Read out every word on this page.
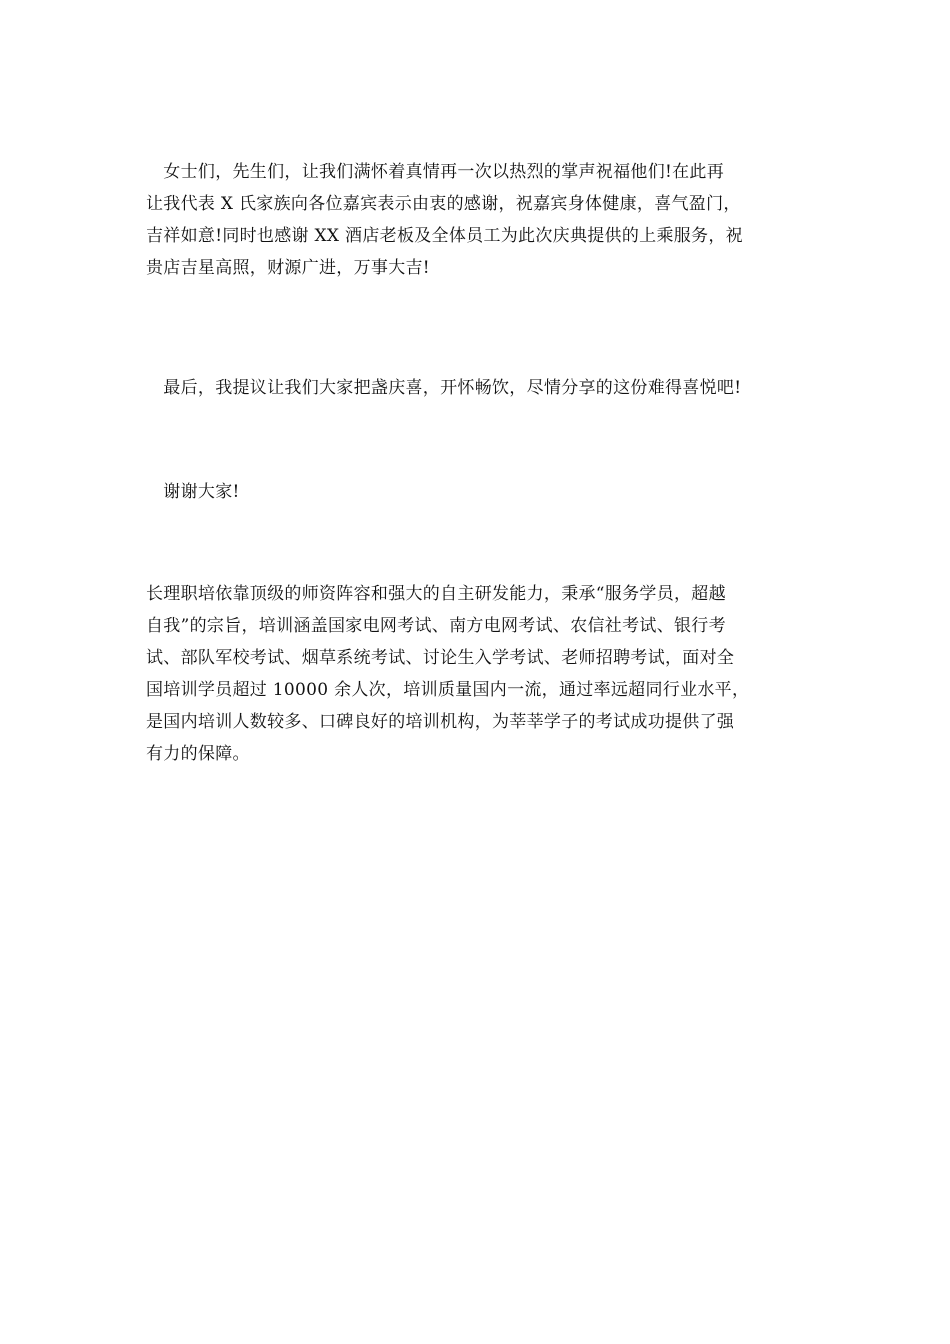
　女士们，先生们，让我们满怀着真情再一次以热烈的掌声祝福他们!在此再
让我代表 X 氏家族向各位嘉宾表示由衷的感谢，祝嘉宾身体健康，喜气盈门，
吉祥如意!同时也感谢 XX 酒店老板及全体员工为此次庆典提供的上乘服务，祝
贵店吉星高照，财源广进，万事大吉!

　最后，我提议让我们大家把盏庆喜，开怀畅饮，尽情分享的这份难得喜悦吧!

　谢谢大家!

长理职培依靠顶级的师资阵容和强大的自主研发能力，秉承“服务学员，超越
自我”的宗旨，培训涵盖国家电网考试、南方电网考试、农信社考试、银行考
试、部队军校考试、烟草系统考试、讨论生入学考试、老师招聘考试，面对全
国培训学员超过 10000 余人次，培训质量国内一流，通过率远超同行业水平，
是国内培训人数较多、口碑良好的培训机构，为莘莘学子的考试成功提供了强
有力的保障。
